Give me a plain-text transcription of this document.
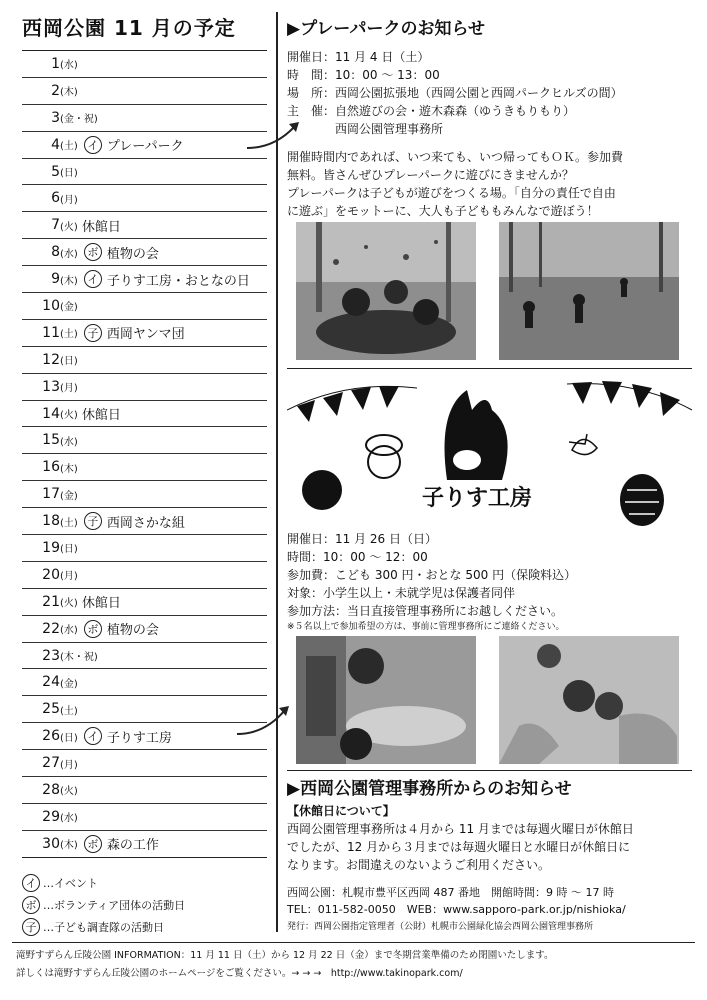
西岡公園 11 月の予定
1 (水)
2 (木)
3 (金・祝)
4 (土) イ プレーパーク
5 (日)
6 (月)
7 (火) 休館日
8 (水) ボ 植物の会
9 (木) イ 子りす工房・おとなの日
10 (金)
11 (土) 子 西岡ヤンマ団
12 (日)
13 (月)
14 (火) 休館日
15 (水)
16 (木)
17 (金)
18 (土) 子 西岡さかな組
19 (日)
20 (月)
21 (火) 休館日
22 (水) ボ 植物の会
23 (木・祝)
24 (金)
25 (土)
26 (日) イ 子りす工房
27 (月)
28 (火)
29 (水)
30 (木) ボ 森の工作
イ …イベント
ボ …ボランティア団体の活動日
子 …子ども調査隊の活動日
▶プレーパークのお知らせ
開催日：11 月 4 日（土）
時　間：10：00 ～ 13：00
場　所：西岡公園拡張地（西岡公園と西岡パークヒルズの間）
主　催：自然遊びの会・遊木森森（ゆうきもりもり）
　　　　西岡公園管理事務所
開催時間内であれば、いつ来ても、いつ帰ってもＯＫ。参加費
無料。皆さんぜひプレーパークに遊びにきませんか？
プレーパークは子どもが遊びをつくる場。「自分の責任で自由
に遊ぶ」をモットーに、大人も子どももみんなで遊ぼう！
子りす工房
開催日：11 月 26 日（日）
時間：10：00 ～ 12：00
参加費：こども 300 円・おとな 500 円（保険料込）
対象：小学生以上・未就学児は保護者同伴
参加方法：当日直接管理事務所にお越しください。
※５名以上で参加希望の方は、事前に管理事務所にご連絡ください。
▶西岡公園管理事務所からのお知らせ
【休館日について】
西岡公園管理事務所は４月から 11 月までは毎週火曜日が休館日
でしたが、12 月から３月までは毎週火曜日と水曜日が休館日に
なります。お間違えのないようご利用ください。
西岡公園：札幌市豊平区西岡 487 番地　開館時間：9 時 ～ 17 時
TEL：011-582-0050　WEB：www.sapporo-park.or.jp/nishioka/
発行：西岡公園指定管理者（公財）札幌市公園緑化協会西岡公園管理事務所
滝野すずらん丘陵公園 INFORMATION：11 月 11 日（土）から 12 月 22 日（金）まで冬期営業準備のため閉園いたします。
詳しくは滝野すずらん丘陵公園のホームページをご覧ください。→ → →　http://www.takinopark.com/
